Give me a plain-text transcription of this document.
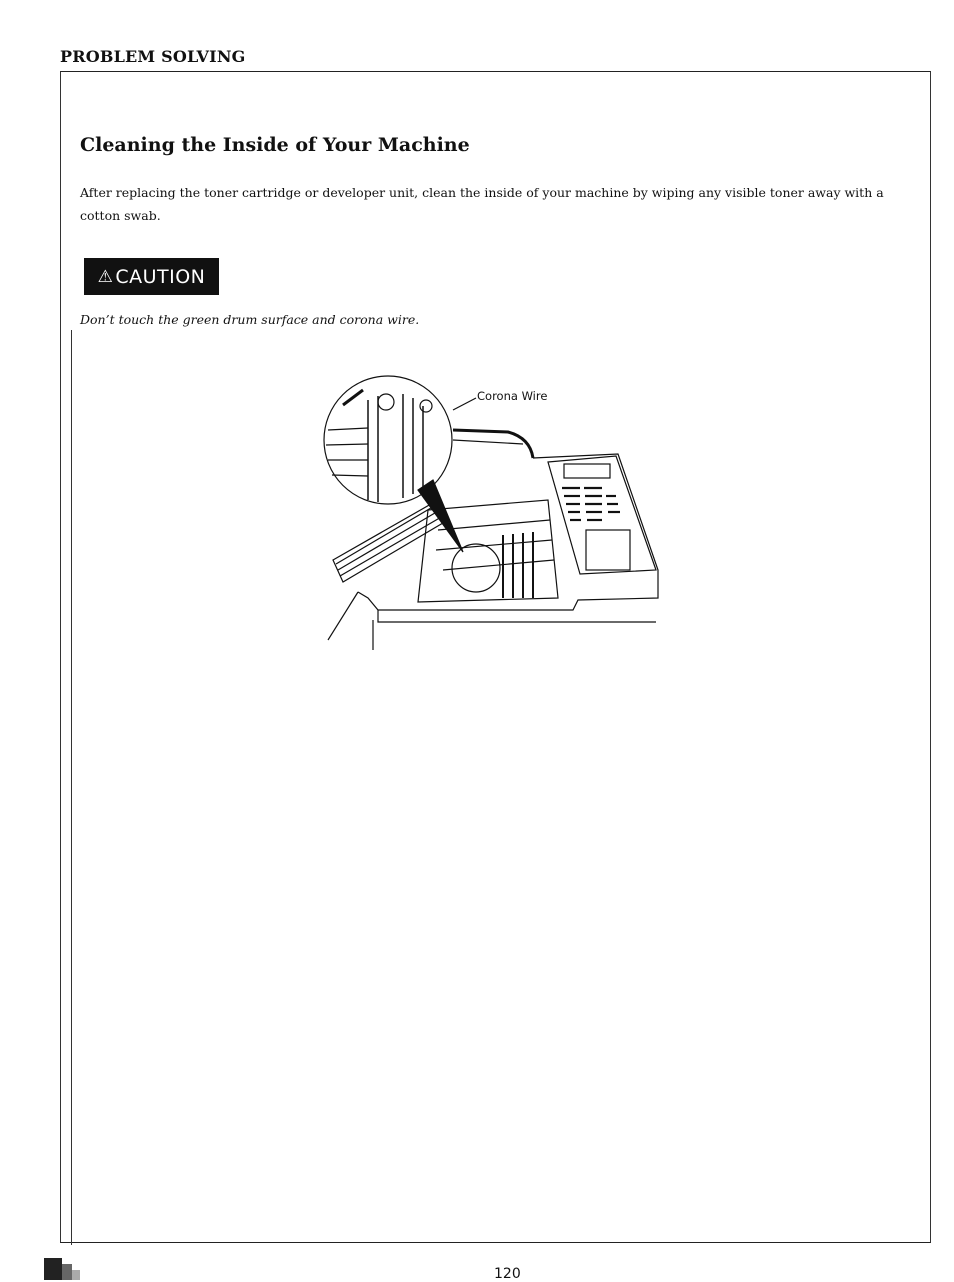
PROBLEM SOLVING
Cleaning the Inside of Your Machine

After replacing the toner cartridge or developer unit, clean the inside of your machine by wiping any visible toner away with a cotton swab.

⚠ CAUTION

Don’t touch the green drum surface and corona wire.

Corona Wire
120
